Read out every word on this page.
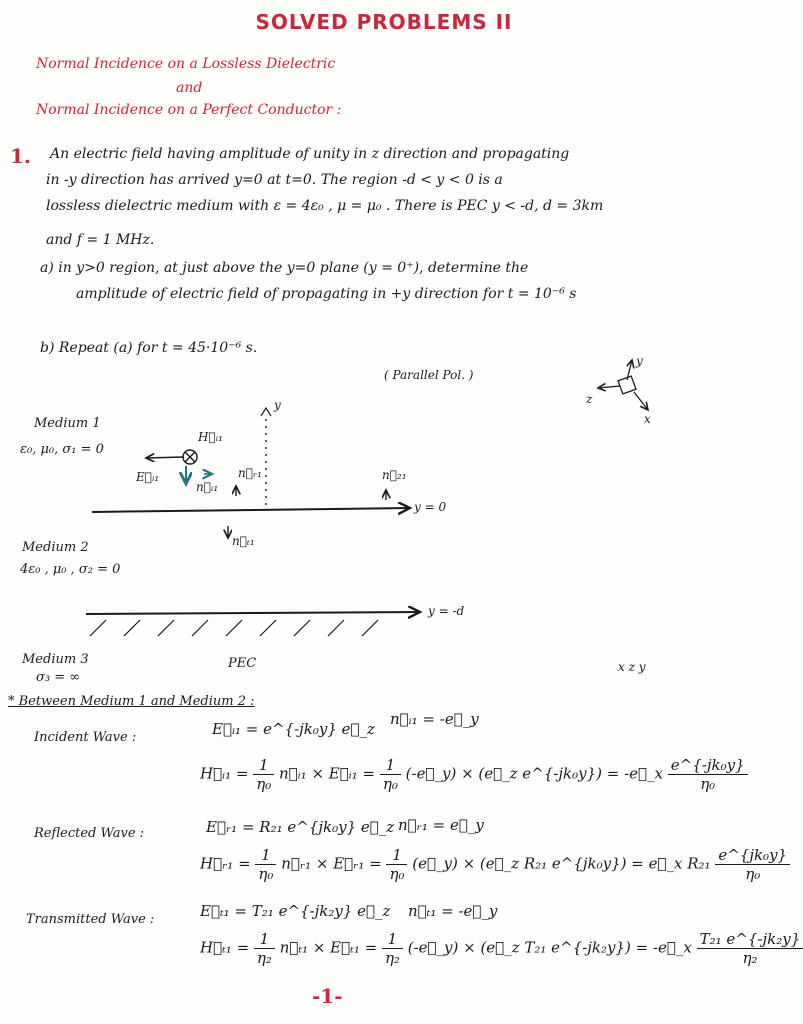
SOLVED PROBLEMS II
Normal Incidence on a Lossless Dielectric
and
Normal Incidence on a Perfect Conductor :
1. An electric field having amplitude of unity in z direction and propagating
in -y direction has arrived y=0 at t=0. The region -d < y < 0 is a
lossless dielectric medium with ε = 4ε₀ , μ = μ₀ . There is PEC y < -d, d = 3km
and f = 1 MHz.
a) in y>0 region, at just above the y=0 plane (y = 0⁺), determine the
amplitude of electric field of propagating in +y direction for t = 10⁻⁶ s
b) Repeat (a) for t = 45·10⁻⁶ s.
( Parallel Pol. )
y
z
x
y
Medium 1
ε₀, μ₀, σ₁ = 0
H⃗ᵢ₁
E⃗ᵢ₁
n⃗ᵢ₁
n⃗ᵣ₁	n⃗₂₁
y = 0
n⃗ₜ₁
Medium 2
4ε₀ , μ₀ , σ₂ = 0
y = -d
Medium 3
σ₃ = ∞
PEC	x z y
* Between Medium 1 and Medium 2 :
Incident Wave :	E⃗ᵢ₁ = e^{-jk₀y} e⃗_z
n⃗ᵢ₁ = -e⃗_y
H⃗ᵢ₁ = $\frac{1}{\text{η₀}}$ n⃗ᵢ₁ × E⃗ᵢ₁ = $\frac{1}{\text{η₀}}$ (-e⃗_y) × (e⃗_z e^{-jk₀y}) = -e⃗_x $\frac{\text{e\textasciicircum{}\{-jk₀y\}}}{\text{η₀}}$
Reflected Wave :	E⃗ᵣ₁ = R₂₁ e^{jk₀y} e⃗_z n⃗ᵣ₁ = e⃗_y
H⃗ᵣ₁ = $\frac{1}{\text{η₀}}$ n⃗ᵣ₁ × E⃗ᵣ₁ = $\frac{1}{\text{η₀}}$ (e⃗_y) × (e⃗_z R₂₁ e^{jk₀y}) = e⃗_x $R_{21} \frac{\text{e\textasciicircum{}\{jk₀y\}}}{\text{η₀}}$
Transmitted Wave :	E⃗ₜ₁ = T₂₁ e^{-jk₂y} e⃗_z n⃗ₜ₁ = -e⃗_y
H⃗ₜ₁ = $\frac{1}{\text{η₂}}$ n⃗ₜ₁ × E⃗ₜ₁ = $\frac{1}{\text{η₂}}$ (-e⃗_y) × (e⃗_z T₂₁ e^{-jk₂y}) = -e⃗_x $\frac{\text{T₂₁ e\textasciicircum{}\{-jk₂y\}}}{\text{η₂}}$
-1-
